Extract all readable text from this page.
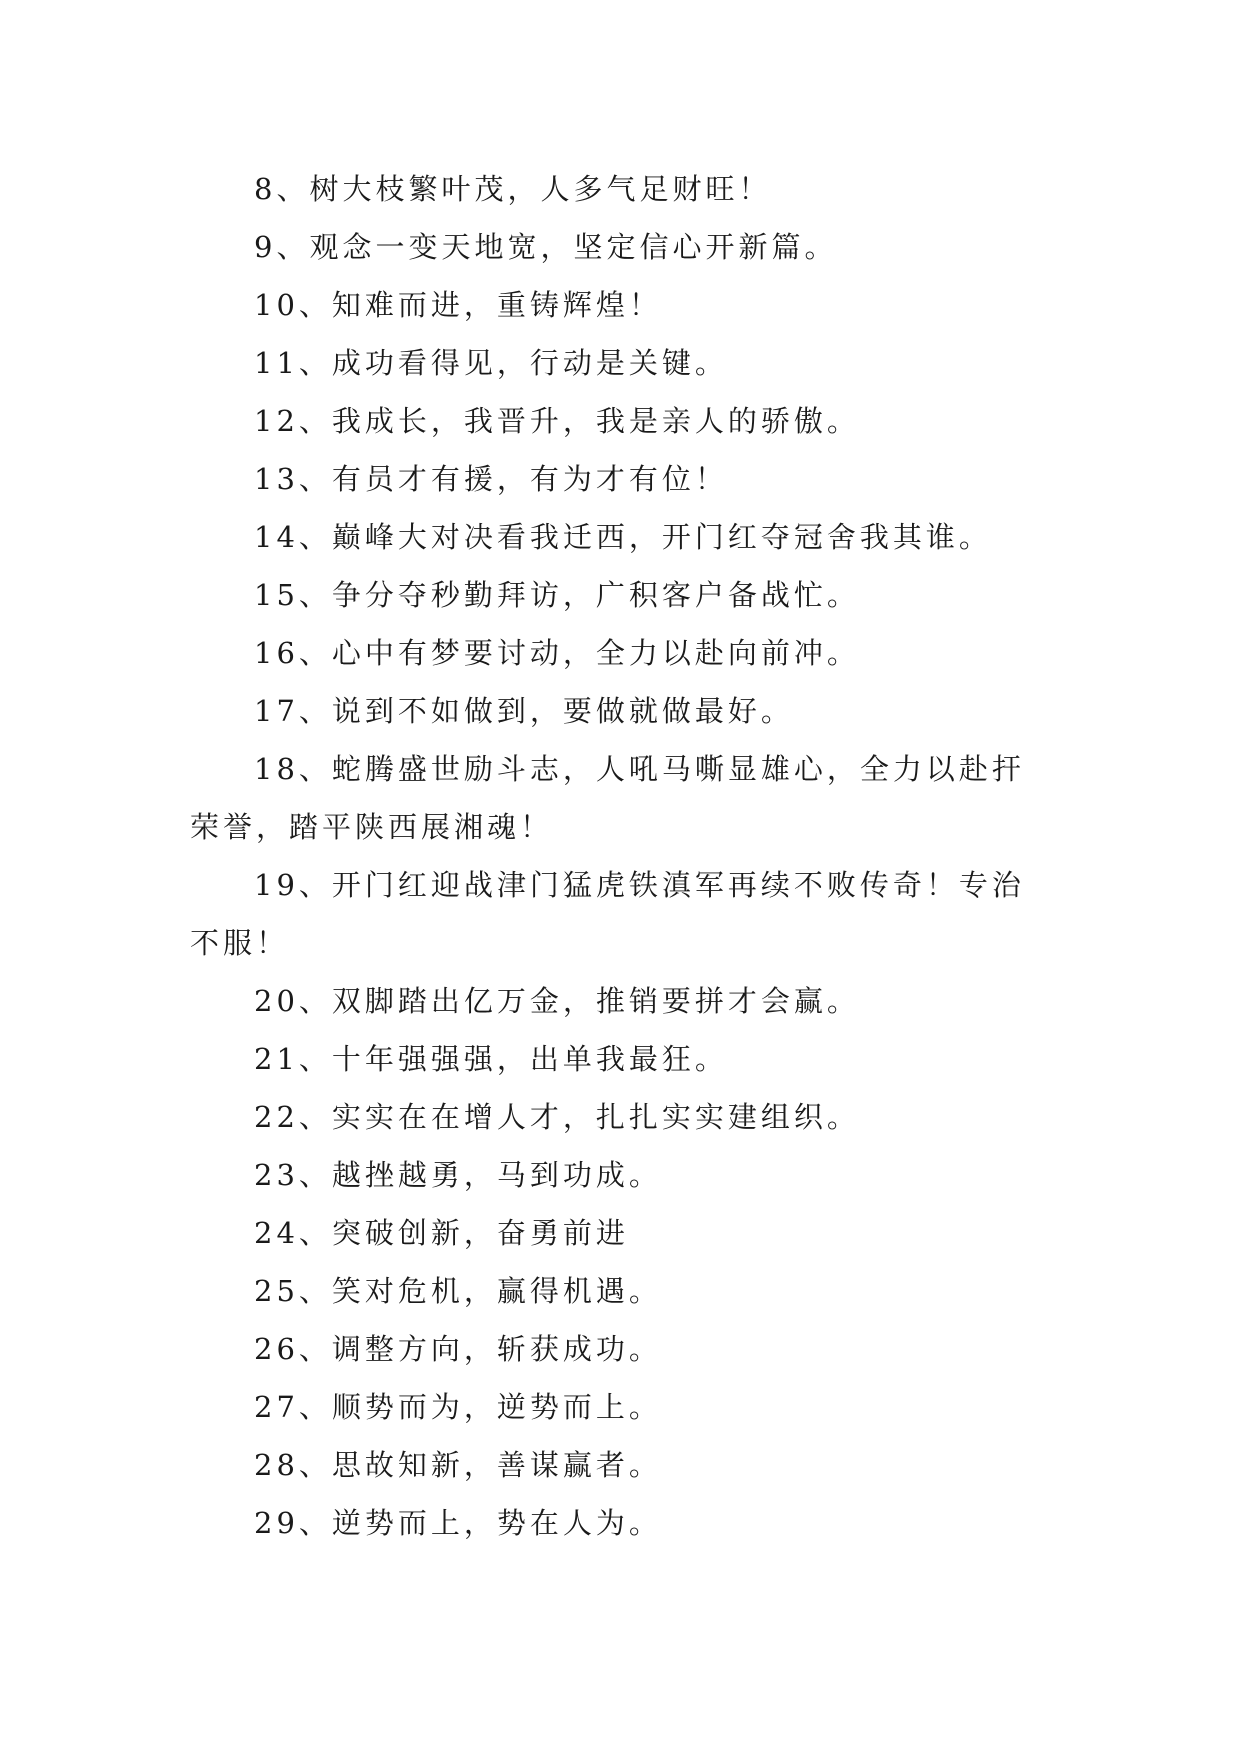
8、树大枝繁叶茂，人多气足财旺！

9、观念一变天地宽，坚定信心开新篇。

10、知难而进，重铸辉煌！

11、成功看得见，行动是关键。

12、我成长，我晋升，我是亲人的骄傲。

13、有员才有援，有为才有位！

14、巅峰大对决看我迁西，开门红夺冠舍我其谁。

15、争分夺秒勤拜访，广积客户备战忙。

16、心中有梦要讨动，全力以赴向前冲。

17、说到不如做到，要做就做最好。

18、蛇腾盛世励斗志，人吼马嘶显雄心，全力以赴扞荣誉，踏平陕西展湘魂！

19、开门红迎战津门猛虎铁滇军再续不败传奇！专治不服！

20、双脚踏出亿万金，推销要拼才会赢。

21、十年强强强，出单我最狂。

22、实实在在增人才，扎扎实实建组织。

23、越挫越勇，马到功成。

24、突破创新，奋勇前进

25、笑对危机，赢得机遇。

26、调整方向，斩获成功。

27、顺势而为，逆势而上。

28、思故知新，善谋赢者。

29、逆势而上，势在人为。
